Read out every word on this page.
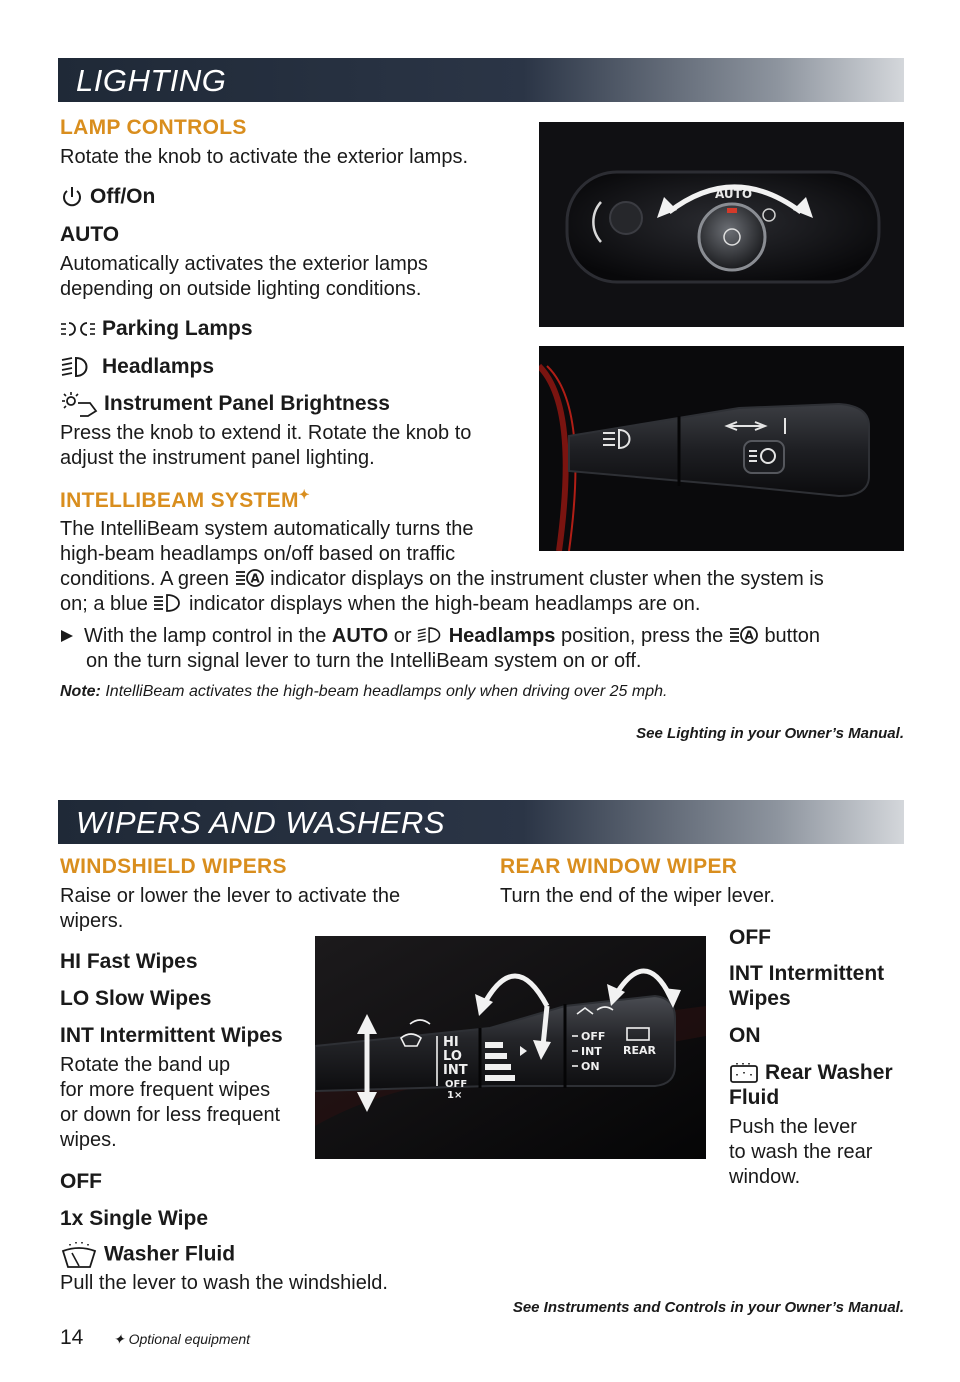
LIGHTING
LAMP CONTROLS
Rotate the knob to activate the exterior lamps.
Off/On
AUTO
Automatically activates the exterior lamps
depending on outside lighting conditions.
Parking Lamps
Headlamps
Instrument Panel Brightness
Press the knob to extend it. Rotate the knob to
adjust the instrument panel lighting.
AUTO
INTELLIBEAM SYSTEM✦
The IntelliBeam system automatically turns the
high-beam headlamps on/off based on traffic
conditions. A green A indicator displays on the instrument cluster when the system is
on; a blue indicator displays when the high-beam headlamps are on.
With the lamp control in the AUTO or Headlamps position, press the A button
on the turn signal lever to turn the IntelliBeam system on or off.
Note: IntelliBeam activates the high-beam headlamps only when driving over 25 mph.
See Lighting in your Owner’s Manual.
WIPERS AND WASHERS
WINDSHIELD WIPERS
Raise or lower the lever to activate the
wipers.
HI Fast Wipes
LO Slow Wipes
INT Intermittent Wipes
Rotate the band up
for more frequent wipes
or down for less frequent
wipes.
OFF
1x Single Wipe
Washer Fluid
Pull the lever to wash the windshield.
REAR WINDOW WIPER
Turn the end of the wiper lever.
OFF
INT Intermittent
Wipes
ON
Rear Washer
Fluid
Push the lever
to wash the rear
window.
HI
LO
INT
OFF
1×
OFF
INT
ON
REAR
See Instruments and Controls in your Owner’s Manual.
14 ✦ Optional equipment
